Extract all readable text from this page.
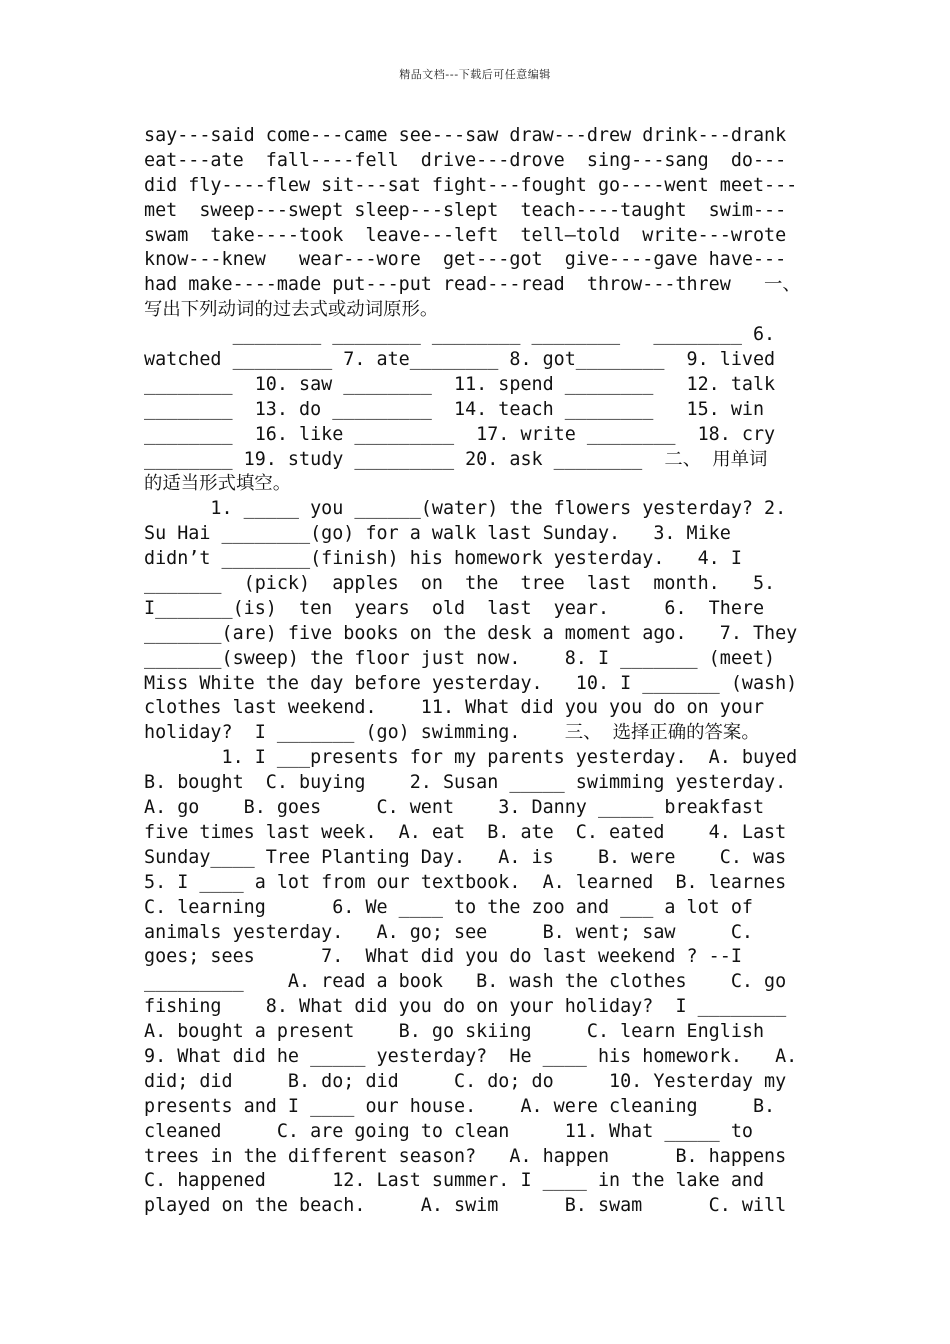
精品文档---下载后可任意编辑
say---said come---came see---saw draw---drew drink---drank
eat---ate  fall----fell  drive---drove  sing---sang  do---
did fly----flew sit---sat fight---fought go----went meet---
met  sweep---swept sleep---slept  teach----taught  swim---
swam  take----took  leave---left  tell—told  write---wrote
know---knew   wear---wore  get---got  give----gave have---
had make----made put---put read---read  throw---threw   一、
写出下列动词的过去式或动词原形。
________ ________ ________ ________   ________ 6.
watched _________ 7. ate________ 8. got________  9. lived
________  10. saw ________  11. spend ________   12. talk
________  13. do _________  14. teach ________   15. win
________  16. like _________  17. write ________  18. cry
________ 19. study _________ 20. ask ________  二、 用单词
的适当形式填空。
1. _____ you ______(water) the flowers yesterday? 2.
Su Hai ________(go) for a walk last Sunday.   3. Mike
didn’t ________(finish) his homework yesterday.   4. I
_______  (pick)  apples  on  the  tree  last  month.   5.
I_______(is)  ten  years  old  last  year.     6.  There
_______(are) five books on the desk a moment ago.   7. They
_______(sweep) the floor just now.    8. I _______ (meet)
Miss White the day before yesterday.   10. I _______ (wash)
clothes last weekend.    11. What did you you do on your
holiday?  I _______ (go) swimming.    三、 选择正确的答案。
1. I ___presents for my parents yesterday.  A. buyed
B. bought  C. buying    2. Susan _____ swimming yesterday.
A. go    B. goes     C. went    3. Danny _____ breakfast
five times last week.  A. eat  B. ate  C. eated    4. Last
Sunday____ Tree Planting Day.   A. is    B. were    C. was
5. I ____ a lot from our textbook.  A. learned  B. learnes
C. learning      6. We ____ to the zoo and ___ a lot of
animals yesterday.   A. go; see     B. went; saw     C.
goes; sees      7.  What did you do last weekend ? --I
_________    A. read a book   B. wash the clothes    C. go
fishing    8. What did you do on your holiday?  I ________
A. bought a present    B. go skiing     C. learn English
9. What did he _____ yesterday?  He ____ his homework.   A.
did; did     B. do; did     C. do; do     10. Yesterday my
presents and I ____ our house.    A. were cleaning     B.
cleaned     C. are going to clean     11. What _____ to
trees in the different season?   A. happen      B. happens
C. happened      12. Last summer. I ____ in the lake and
played on the beach.     A. swim      B. swam      C. will
